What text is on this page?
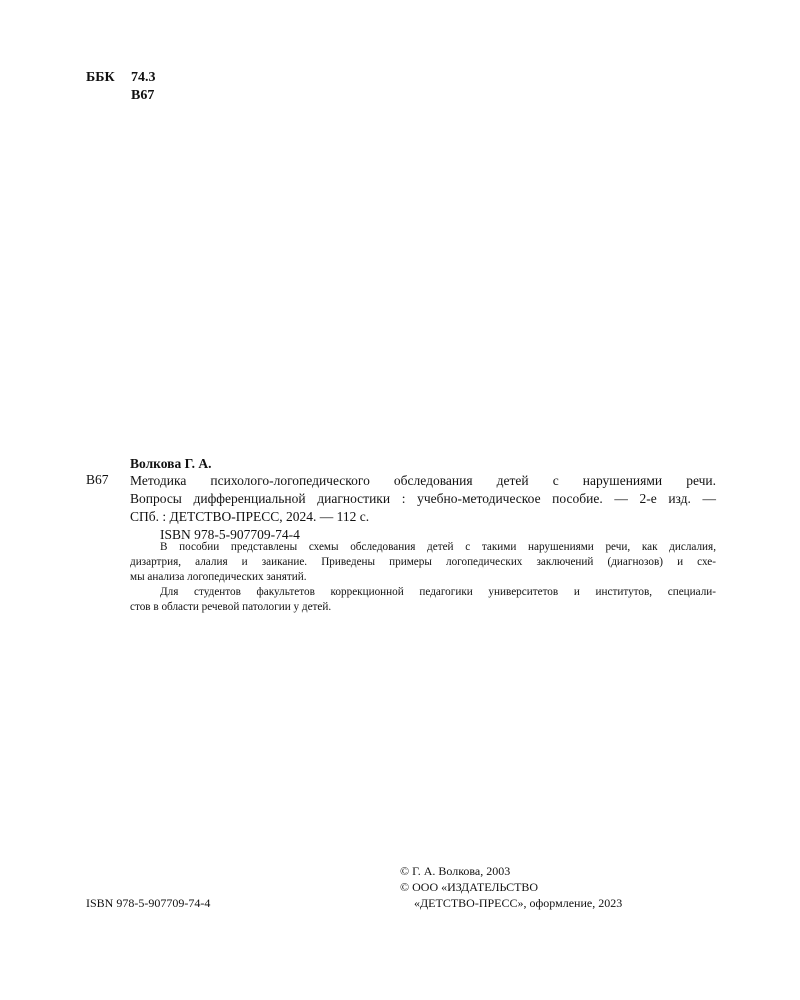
ББК 74.3
В67
Волкова Г. А.
В67 Методика психолого-логопедического обследования детей с нарушениями речи.
Вопросы дифференциальной диагностики : учебно-методическое пособие. — 2-е изд. —
СПб. : ДЕТСТВО-ПРЕСС, 2024. — 112 с.
ISBN 978-5-907709-74-4
В пособии представлены схемы обследования детей с такими нарушениями речи, как дислалия,
дизартрия, алалия и заикание. Приведены примеры логопедических заключений (диагнозов) и схе-
мы анализа логопедических занятий.
Для студентов факультетов коррекционной педагогики университетов и институтов, специали-
стов в области речевой патологии у детей.
© Г. А. Волкова, 2003
© ООО «ИЗДАТЕЛЬСТВО
«ДЕТСТВО-ПРЕСС», оформление, 2023
ISBN 978-5-907709-74-4
